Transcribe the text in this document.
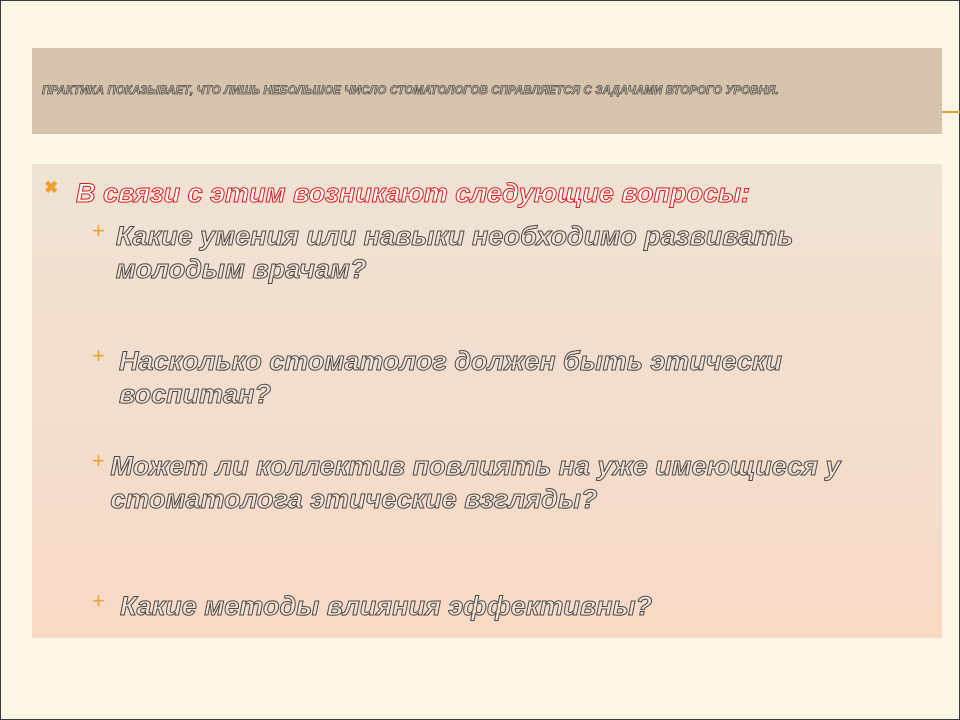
ПРАКТИКА ПОКАЗЫВАЕТ, ЧТО ЛИШЬ НЕБОЛЬШОЕ ЧИСЛО СТОМАТОЛОГОВ СПРАВЛЯЕТСЯ С ЗАДАЧАМИ ВТОРОГО УРОВНЯ.
✖ В связи с этим возникают следующие вопросы:
+ Какие умения или навыки необходимо развивать молодым врачам?
+ Насколько стоматолог должен быть этически воспитан?
+ Может ли коллектив повлиять на уже имеющиеся у стоматолога этические взгляды?
+ Какие методы влияния эффективны?
